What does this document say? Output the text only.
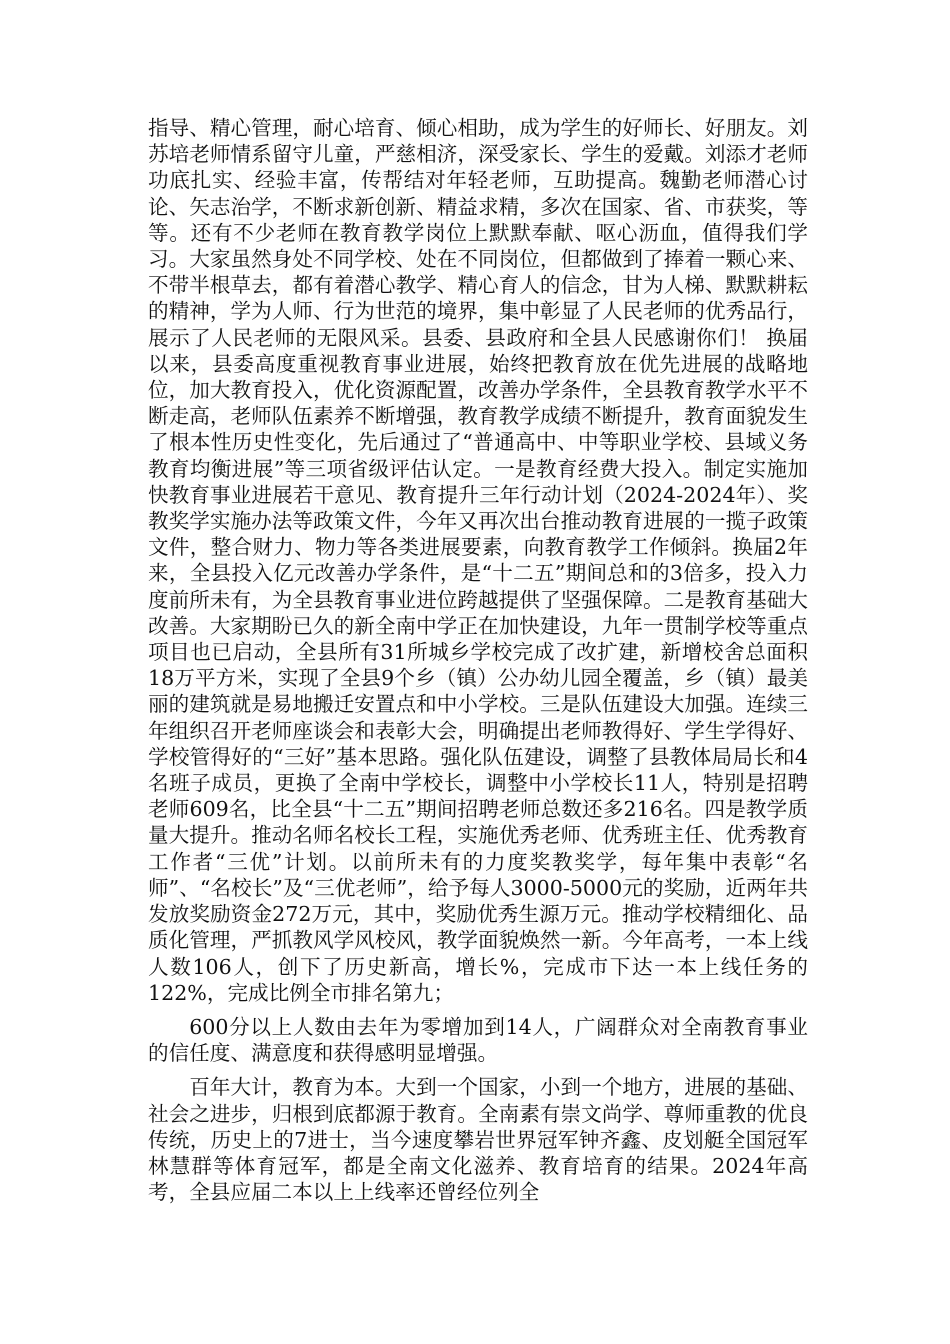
指导、精心管理，耐心培育、倾心相助，成为学生的好师长、好朋友。刘苏培老师情系留守儿童，严慈相济，深受家长、学生的爱戴。刘添才老师功底扎实、经验丰富，传帮结对年轻老师，互助提高。魏勤老师潜心讨论、矢志治学，不断求新创新、精益求精，多次在国家、省、市获奖，等等。还有不少老师在教育教学岗位上默默奉献、呕心沥血，值得我们学习。大家虽然身处不同学校、处在不同岗位，但都做到了捧着一颗心来、不带半根草去，都有着潜心教学、精心育人的信念，甘为人梯、默默耕耘的精神，学为人师、行为世范的境界，集中彰显了人民老师的优秀品行，展示了人民老师的无限风采。县委、县政府和全县人民感谢你们！ 换届以来，县委高度重视教育事业进展，始终把教育放在优先进展的战略地位，加大教育投入，优化资源配置，改善办学条件，全县教育教学水平不断走高，老师队伍素养不断增强，教育教学成绩不断提升，教育面貌发生了根本性历史性变化，先后通过了“普通高中、中等职业学校、县域义务教育均衡进展”等三项省级评估认定。一是教育经费大投入。制定实施加快教育事业进展若干意见、教育提升三年行动计划（2024-2024年）、奖教奖学实施办法等政策文件，今年又再次出台推动教育进展的一揽子政策文件，整合财力、物力等各类进展要素，向教育教学工作倾斜。换届2年来，全县投入亿元改善办学条件，是“十二五”期间总和的3倍多，投入力度前所未有，为全县教育事业进位跨越提供了坚强保障。二是教育基础大改善。大家期盼已久的新全南中学正在加快建设，九年一贯制学校等重点项目也已启动，全县所有31所城乡学校完成了改扩建，新增校舍总面积18万平方米，实现了全县9个乡（镇）公办幼儿园全覆盖，乡（镇）最美丽的建筑就是易地搬迁安置点和中小学校。三是队伍建设大加强。连续三年组织召开老师座谈会和表彰大会，明确提出老师教得好、学生学得好、学校管得好的“三好”基本思路。强化队伍建设，调整了县教体局局长和4名班子成员，更换了全南中学校长，调整中小学校长11人，特别是招聘老师609名，比全县“十二五”期间招聘老师总数还多216名。四是教学质量大提升。推动名师名校长工程，实施优秀老师、优秀班主任、优秀教育工作者“三优”计划。以前所未有的力度奖教奖学，每年集中表彰“名师”、“名校长”及“三优老师”，给予每人3000-5000元的奖励，近两年共发放奖励资金272万元，其中，奖励优秀生源万元。推动学校精细化、品质化管理，严抓教风学风校风，教学面貌焕然一新。今年高考，一本上线人数106人，创下了历史新高，增长%，完成市下达一本上线任务的122%，完成比例全市排名第九；

600分以上人数由去年为零增加到14人，广阔群众对全南教育事业的信任度、满意度和获得感明显增强。

百年大计，教育为本。大到一个国家，小到一个地方，进展的基础、社会之进步，归根到底都源于教育。全南素有崇文尚学、尊师重教的优良传统，历史上的7进士，当今速度攀岩世界冠军钟齐鑫、皮划艇全国冠军林慧群等体育冠军，都是全南文化滋养、教育培育的结果。2024年高考，全县应届二本以上上线率还曾经位列全
